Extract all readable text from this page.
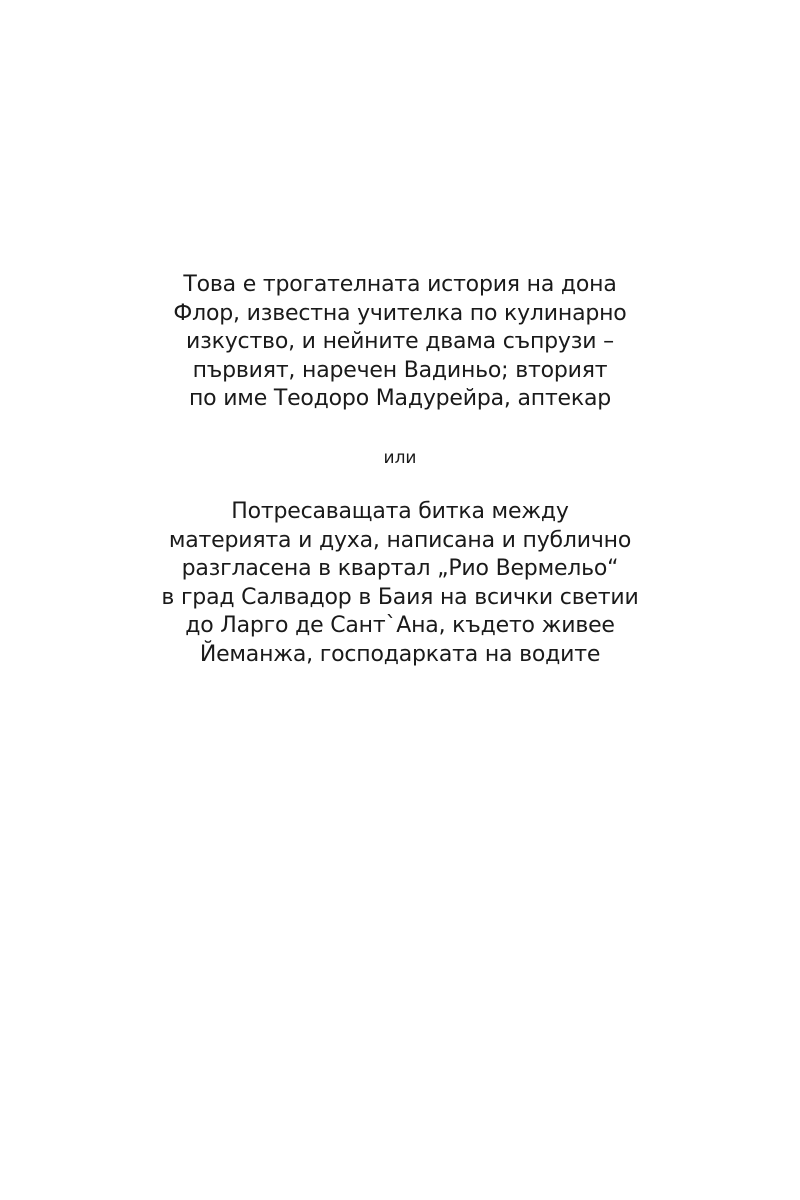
Това е трогателната история на дона
Флор, известна учителка по кулинарно
изкуство, и нейните двама съпрузи –
първият, наречен Вадиньо; вторият
по име Теодоро Мадурейра, аптекар
или
Потресаващата битка между
материята и духа, написана и публично
разгласена в квартал „Рио Вермельо“
в град Салвадор в Баия на всички светии
до Ларго де Сант`Ана, където живее
Йеманжа, господарката на водите
